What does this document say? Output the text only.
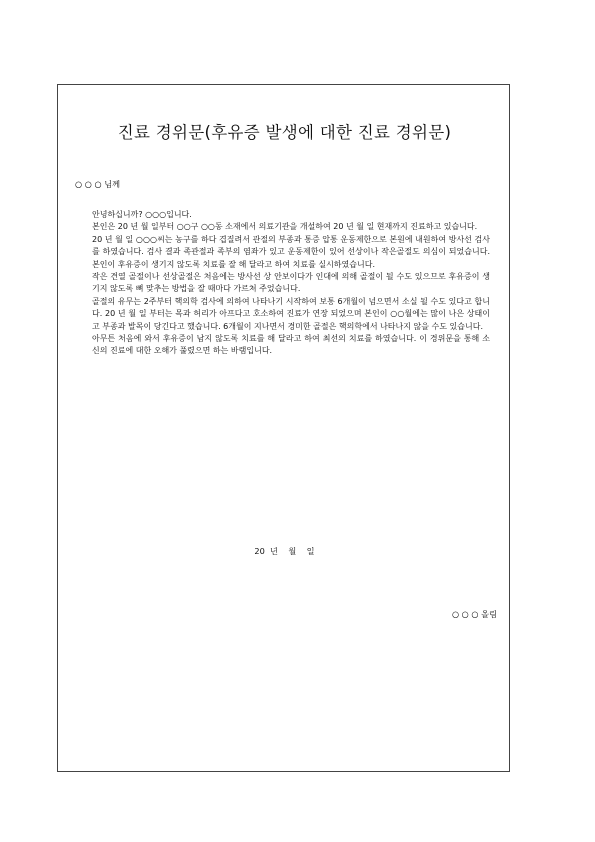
진료 경위문(후유증 발생에 대한 진료 경위문)
○ ○ ○ 님께

안녕하십니까? ○○○입니다.

본인은 20 년 월 일부터 ○○구 ○○동 소재에서 의료기관을 개설하여 20 년 월 일 현재까지 진료하고 있습니다.

20 년 월 일 ○○○씨는 농구를 하다 겹질려서 관절의 부종과 통증 압통 운동제한으로 본원에 내원하여 방사선 검사를 하였습니다. 검사 결과 족관절과 족부의 염좌가 있고 운동제한이 있어 선상이나 작은골절도 의심이 되었습니다. 본인이 후유증이 생기지 않도록 치료를 잘 해 달라고 하여 치료를 실시하였습니다.

작은 견열 골절이나 선상골절은 처음에는 방사선 상 안보이다가 인대에 의해 골절이 될 수도 있으므로 후유증이 생기지 않도록 뼈 맞추는 방법을 잘 때마다 가르쳐 주었습니다.

골절의 유무는 2주부터 핵의학 검사에 의하여 나타나기 시작하여 보통 6개월이 넘으면서 소실 될 수도 있다고 합니다. 20 년 월 일 부터는 목과 허리가 아프다고 호소하여 진료가 연장 되었으며 본인이 ○○월에는 많이 나은 상태이고 부종과 발목이 당긴다고 했습니다. 6개월이 지나면서 경미한 골절은 핵의학에서 나타나지 않을 수도 있습니다.

아무튼 처음에 와서 후유증이 남지 않도록 치료를 해 달라고 하여 최선의 치료를 하였습니다. 이 경위문을 통해 소신의 진료에 대한 오해가 풀렸으면 하는 바램입니다.

20  년    월    일
○ ○ ○ 올림
